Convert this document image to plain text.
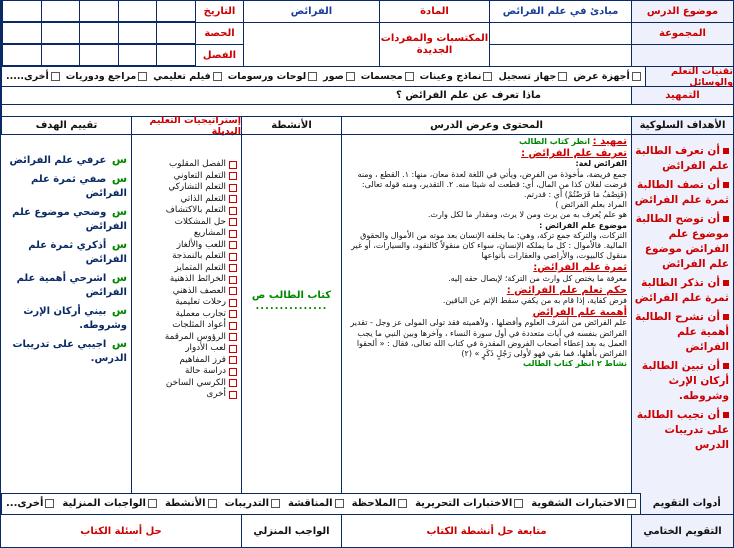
موضوع الدرس
مبادئ في علم الفرائض
المادة
الفرائض
التاريخ
المجموعة
المكتسبات والمفردات الجديدة
الحصة
الفصل
تقنيات التعلم والوسائل
أجهزة عرض
جهاز تسجيل
نماذج وعينات
مجسمات
صور
لوحات ورسومات
فيلم تعليمي
مراجع ودوريات
أخرى.....
التمهيد
ماذا تعرف عن علم الفرائض ؟
الأهداف السلوكية
المحتوى وعرض الدرس
الأنشطة
إستراتيجيات التعليم البديلة
تقييم الهدف
أن تعرف الطالبة علم الفرائض
أن تصف الطالبة ثمرة علم الفرائض
أن توضح الطالبة موضوع علم الفرائض موضوع علم الفرائض
أن تذكر الطالبة ثمرة علم الفرائض
أن تشرح الطالبة أهمية علم الفرائض
أن تبين الطالبة أركان الإرث وشروطه.
أن تجيب الطالبة على تدريبات الدرس

تمهيد : انظر كتاب الطالب

تعريف علم الفرائض :

الفرائض لغة:

جمع فريضة، مأخوذة من الفرض، ويأتي في اللغة لعدة معان، منها: ١. القطع ، ومنه فرضت لفلان كذا من المال، أي: قطعت له شيئا منه. ٢. التقدير، ومنه قوله تعالى: (فَنِصْفُ مَا فَرَضْتُمْ) أي : قدرتم.

المراد بعلم الفرائض )

هو علم يُعرف به من يرث ومن لا يرث، ومقدار ما لكل وارث.

موضوع علم الفرائض :

التركات، والتركة جمع تركة، وهي: ما يخلفه الإنسان بعد موته من الأموال والحقوق المالية. فالأموال : كل ما يملكه الإنسان، سواء كان منقولاً كالنقود، والسيارات، أو غير منقول كالبيوت، والأراضي والعقارات بأنواعها

ثمرة علم الفرائض:

معرفة ما يختص كل وارث من التركة؛ لإيصال حقه إليه.

حكم تعلم علم الفرائض :

فرض كفاية، إذا قام به من يكفي سقط الإثم عن الباقين.

أهمية علم الفرائض

علم الفرائض من أشرف العلوم وأفضلها ، ولأهميته فقد تولى المولى عز وجل - تقدير الفرائض بنفسه في آيات متعددة في أول سورة النساء ، وآخرها وبين النبي ما يجب العمل به بعد إعطاء أصحاب الفروض المقدرة في كتاب الله تعالى، فقال : « ألحقوا الفرائض بأهلها، فما بقي فهو لأولى رَجُلٍ ذَكَرٍ » (٢)

نشاط ٢ انظر كتاب الطالب

كتاب الطالب ص
...............
الفصل المقلوب
التعلم التعاوني
التعلم التشاركي
التعلم الذاتي
التعلم بالاكتشاف
حل المشكلات
المشاريع
اللعب والألغاز
التعلم بالنمذجة
التعلم المتمايز
الخرائط الذهنية
العصف الذهني
رحلات تعليمية
تجارب معملية
أعواد المثلجات
الرؤوس المرقمة
لعب الأدوار
فرز المفاهيم
دراسة حالة
الكرسي الساخن
أخرى
س عرفي علم الفرائض
س صفي ثمرة علم الفرائض
س وضحي موضوع علم الفرائض
س أذكري ثمرة علم الفرائض
س اشرحي أهمية علم الفرائض
س بيني أركان الإرث وشروطه.
س اجيبي على تدريبات الدرس.
أدوات التقويم
الاختبارات الشفوية
الاختبارات التحريرية
الملاحظة
المناقشة
التدريبات
الأنشطة
الواجبات المنزلية
أخرى...
التقويم الختامي
متابعة حل أنشطة الكتاب
الواجب المنزلي
حل أسئلة الكتاب
